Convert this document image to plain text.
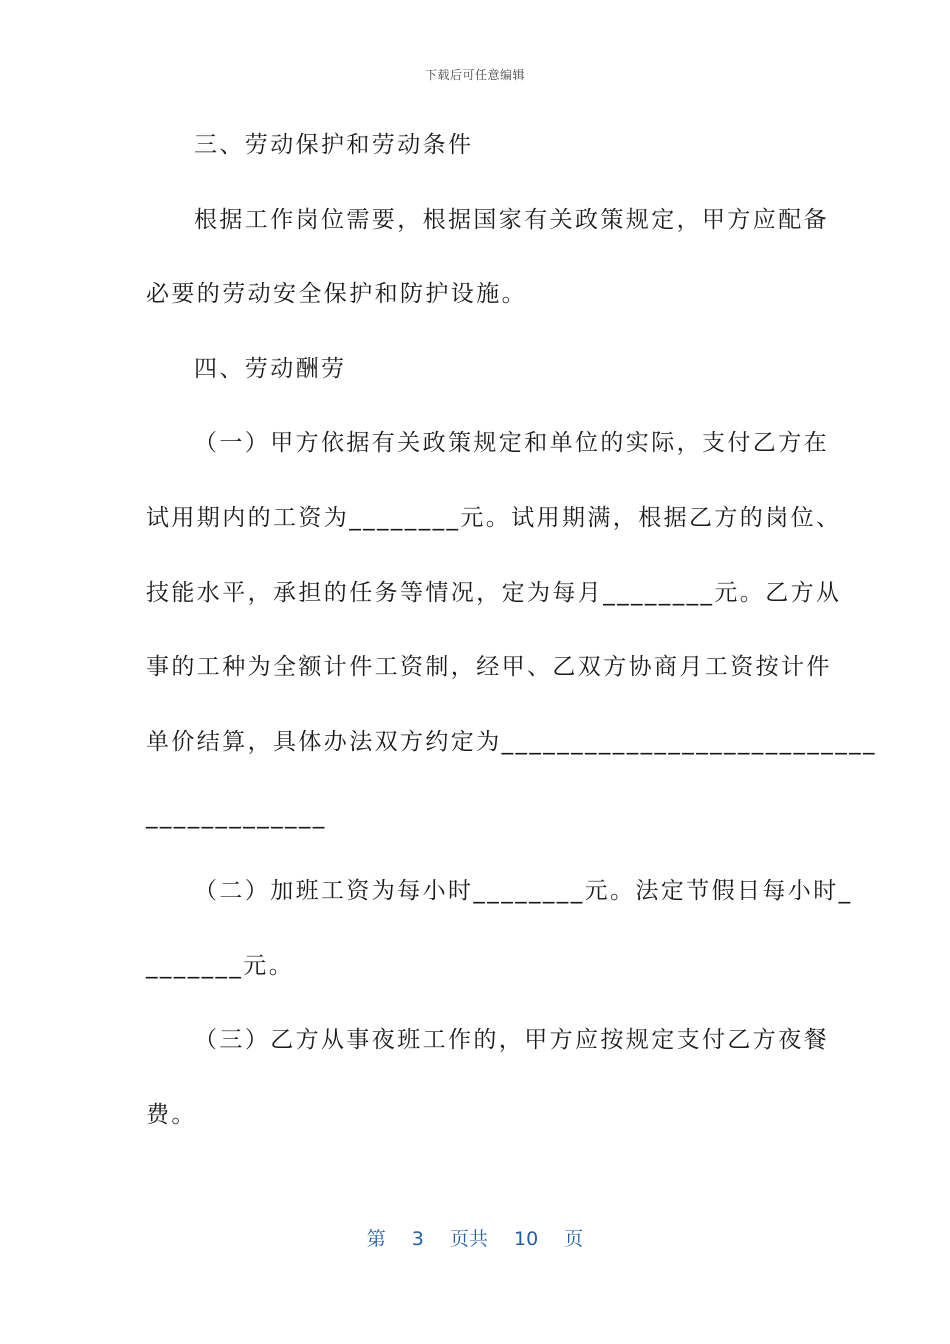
下载后可任意编辑
三、劳动保护和劳动条件
根据工作岗位需要，根据国家有关政策规定，甲方应配备
必要的劳动安全保护和防护设施。
四、劳动酬劳
（一）甲方依据有关政策规定和单位的实际，支付乙方在
试用期内的工资为________元。试用期满，根据乙方的岗位、
技能水平，承担的任务等情况，定为每月________元。乙方从
事的工种为全额计件工资制，经甲、乙双方协商月工资按计件
单价结算，具体办法双方约定为___________________________
_____________
（二）加班工资为每小时________元。法定节假日每小时_
_______元。
（三）乙方从事夜班工作的，甲方应按规定支付乙方夜餐
费。
第 3 页共 10 页
